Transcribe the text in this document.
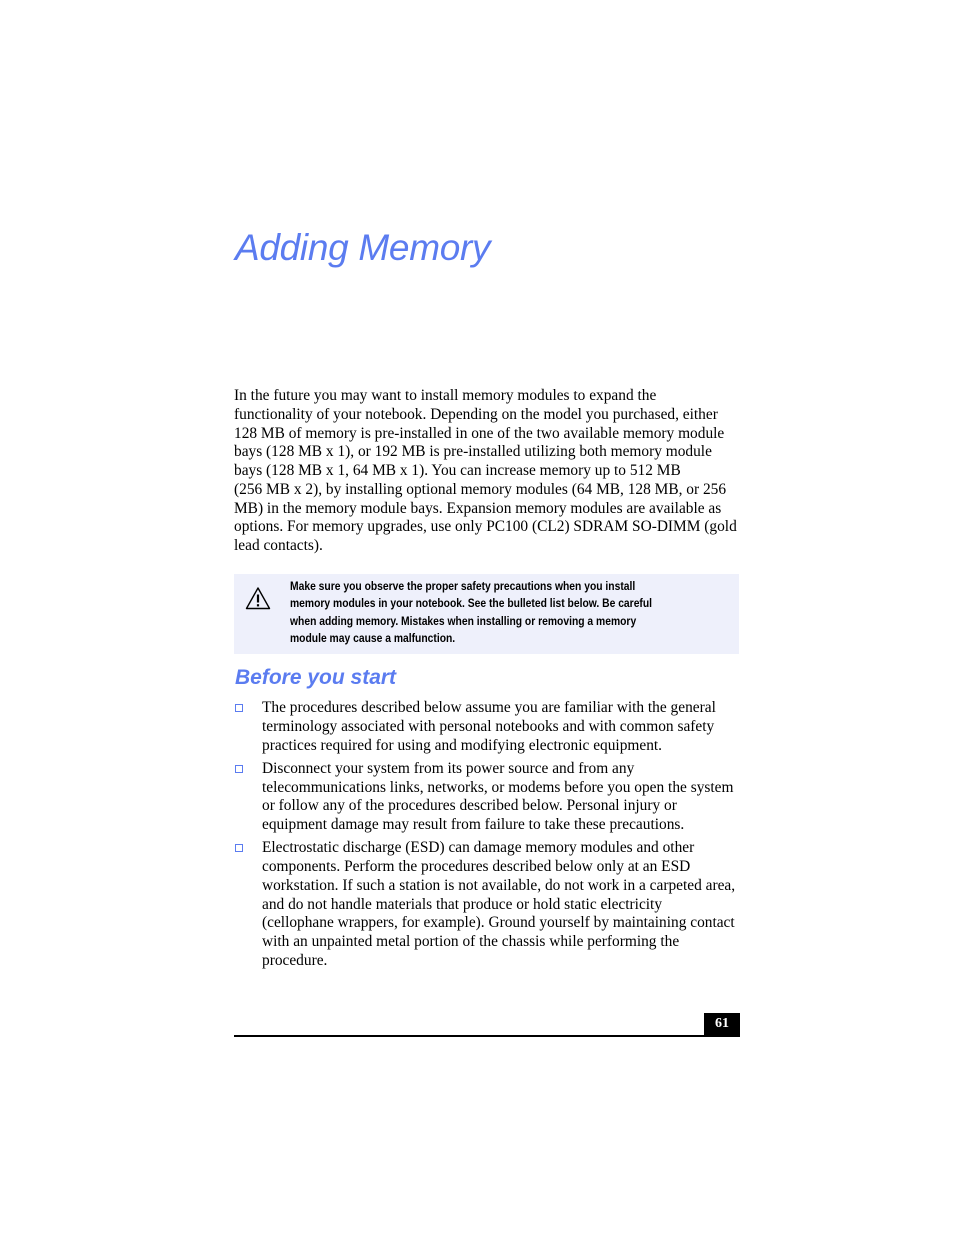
Adding Memory

In the future you may want to install memory modules to expand the
functionality of your notebook. Depending on the model you purchased, either
128 MB of memory is pre-installed in one of the two available memory module
bays (128 MB x 1), or 192 MB is pre-installed utilizing both memory module
bays (128 MB x 1, 64 MB x 1). You can increase memory up to 512 MB
(256 MB x 2), by installing optional memory modules (64 MB, 128 MB, or 256
MB) in the memory module bays. Expansion memory modules are available as
options. For memory upgrades, use only PC100 (CL2) SDRAM SO-DIMM (gold
lead contacts).

Make sure you observe the proper safety precautions when you install
memory modules in your notebook. See the bulleted list below. Be careful
when adding memory. Mistakes when installing or removing a memory
module may cause a malfunction.

Before you start
The procedures described below assume you are familiar with the general
terminology associated with personal notebooks and with common safety
practices required for using and modifying electronic equipment.
Disconnect your system from its power source and from any
telecommunications links, networks, or modems before you open the system
or follow any of the procedures described below. Personal injury or
equipment damage may result from failure to take these precautions.
Electrostatic discharge (ESD) can damage memory modules and other
components. Perform the procedures described below only at an ESD
workstation. If such a station is not available, do not work in a carpeted area,
and do not handle materials that produce or hold static electricity
(cellophane wrappers, for example). Ground yourself by maintaining contact
with an unpainted metal portion of the chassis while performing the
procedure.
61
